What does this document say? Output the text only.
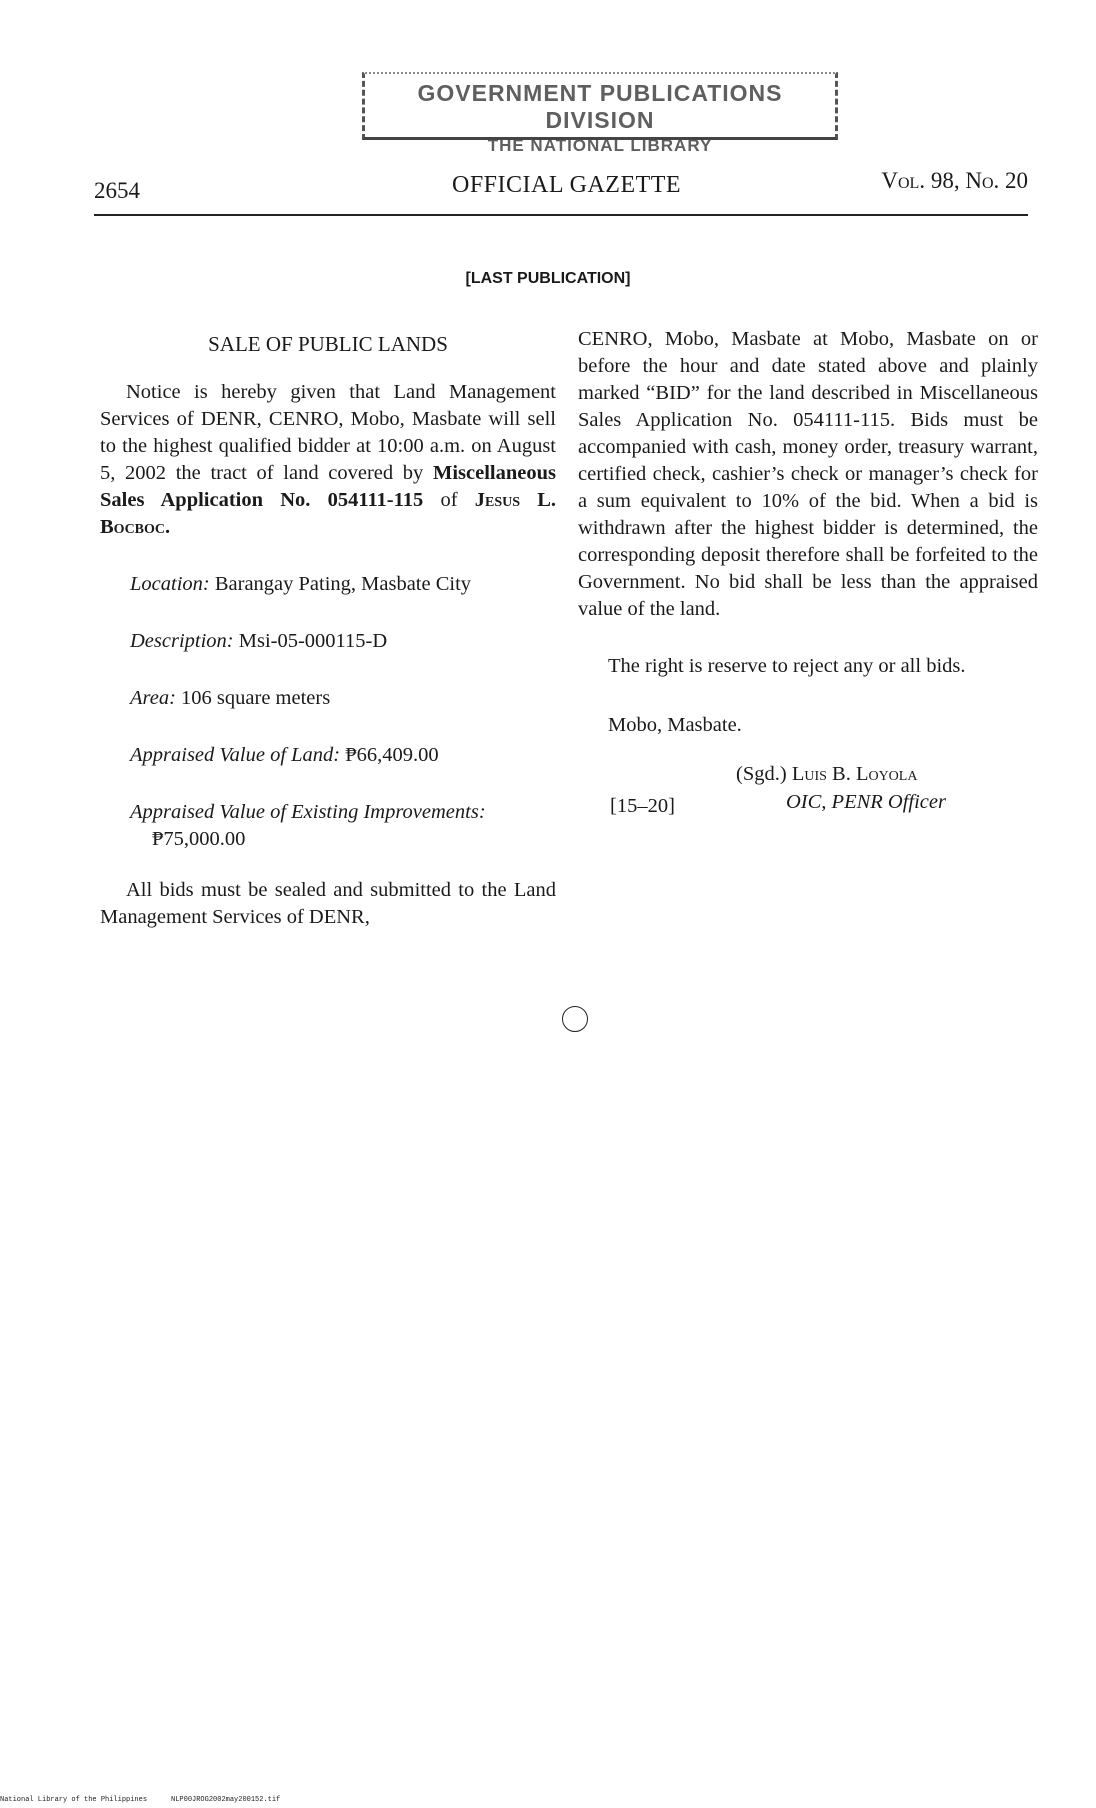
GOVERNMENT PUBLICATIONS DIVISION
THE NATIONAL LIBRARY
2654	OFFICIAL GAZETTE	Vol. 98, No. 20
[LAST PUBLICATION]
SALE OF PUBLIC LANDS

Notice is hereby given that Land Management Services of DENR, CENRO, Mobo, Masbate will sell to the highest qualified bidder at 10:00 a.m. on August 5, 2002 the tract of land covered by Miscellaneous Sales Application No. 054111-115 of Jesus L. Bocboc.

Location: Barangay Pating, Masbate City

Description: Msi-05-000115-D

Area: 106 square meters

Appraised Value of Land: ₱66,409.00

Appraised Value of Existing Improvements:

₱75,000.00

All bids must be sealed and submitted to the Land Management Services of DENR,

CENRO, Mobo, Masbate at Mobo, Masbate on or before the hour and date stated above and plainly marked “BID” for the land described in Miscellaneous Sales Application No. 054111-115. Bids must be accompanied with cash, money order, treasury warrant, certified check, cashier’s check or manager’s check for a sum equivalent to 10% of the bid. When a bid is withdrawn after the highest bidder is determined, the corresponding deposit therefore shall be forfeited to the Government. No bid shall be less than the appraised value of the land.

The right is reserve to reject any or all bids.
Mobo, Masbate.
(Sgd.) Luis B. Loyola
OIC, PENR Officer
[15–20]
National Library of the Philippines	NLP00JROG2002may200152.tif
